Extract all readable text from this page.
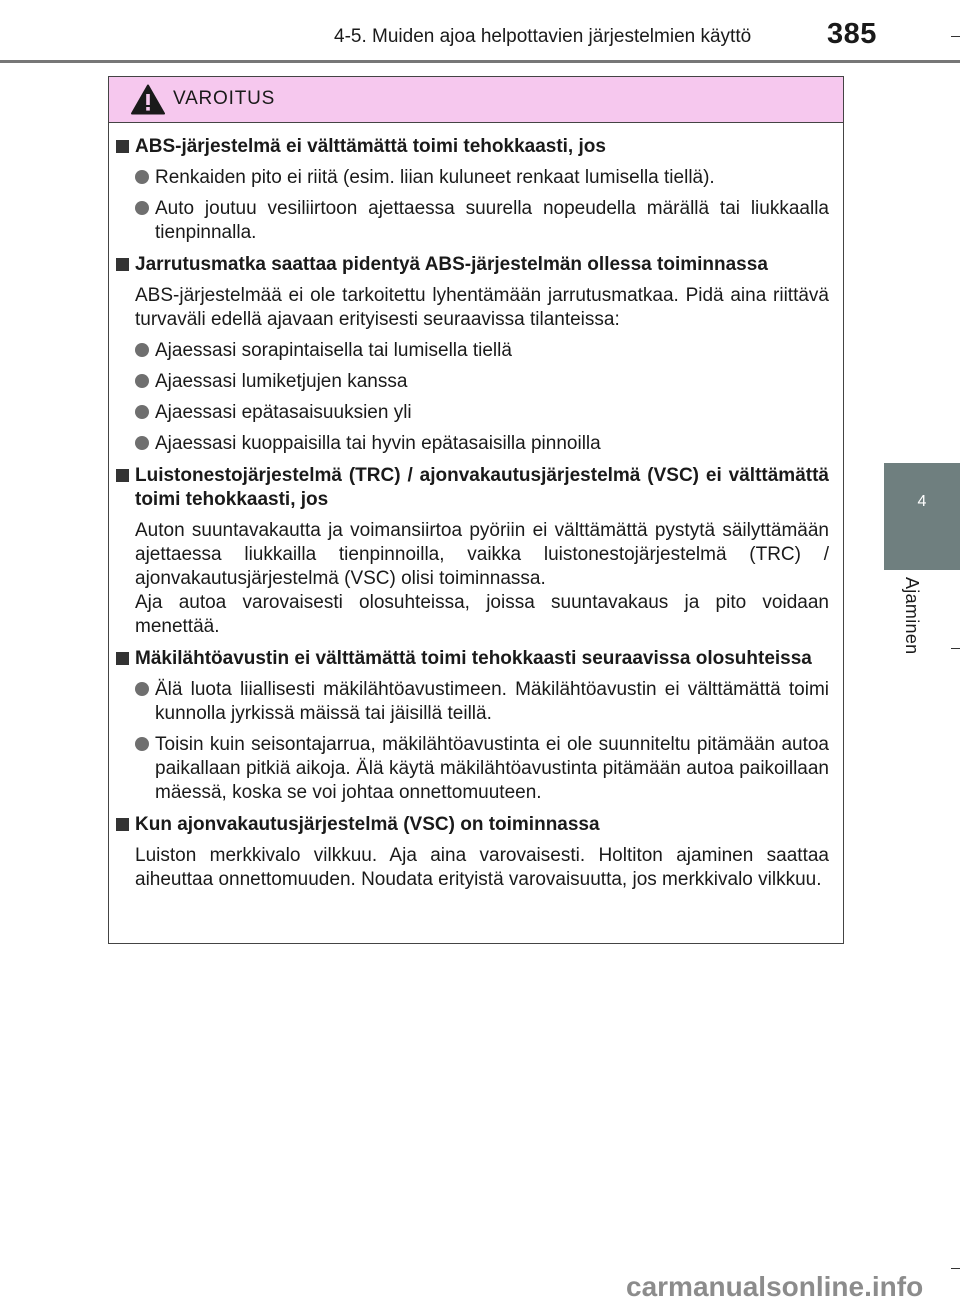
4-5. Muiden ajoa helpottavien järjestelmien käyttö	385
4
Ajaminen
VAROITUS
ABS-järjestelmä ei välttämättä toimi tehokkaasti, jos
Renkaiden pito ei riitä (esim. liian kuluneet renkaat lumisella tiellä).
Auto joutuu vesiliirtoon ajettaessa suurella nopeudella märällä tai liukkaalla tienpinnalla.
Jarrutusmatka saattaa pidentyä ABS-järjestelmän ollessa toiminnassa
ABS-järjestelmää ei ole tarkoitettu lyhentämään jarrutusmatkaa. Pidä aina riittävä turvaväli edellä ajavaan erityisesti seuraavissa tilanteissa:
Ajaessasi sorapintaisella tai lumisella tiellä
Ajaessasi lumiketjujen kanssa
Ajaessasi epätasaisuuksien yli
Ajaessasi kuoppaisilla tai hyvin epätasaisilla pinnoilla
Luistonestojärjestelmä (TRC) / ajonvakautusjärjestelmä (VSC) ei välttämättä toimi tehokkaasti, jos
Auton suuntavakautta ja voimansiirtoa pyöriin ei välttämättä pystytä säilyttämään ajettaessa liukkailla tienpinnoilla, vaikka luistonestojärjestelmä (TRC) / ajonvakautusjärjestelmä (VSC) olisi toiminnassa.
Aja autoa varovaisesti olosuhteissa, joissa suuntavakaus ja pito voidaan menettää.
Mäkilähtöavustin ei välttämättä toimi tehokkaasti seuraavissa olosuhteissa
Älä luota liiallisesti mäkilähtöavustimeen. Mäkilähtöavustin ei välttämättä toimi kunnolla jyrkissä mäissä tai jäisillä teillä.
Toisin kuin seisontajarrua, mäkilähtöavustinta ei ole suunniteltu pitämään autoa paikallaan pitkiä aikoja. Älä käytä mäkilähtöavustinta pitämään autoa paikoillaan mäessä, koska se voi johtaa onnettomuuteen.
Kun ajonvakautusjärjestelmä (VSC) on toiminnassa
Luiston merkkivalo vilkkuu. Aja aina varovaisesti. Holtiton ajaminen saattaa aiheuttaa onnettomuuden. Noudata erityistä varovaisuutta, jos merkkivalo vilkkuu.
carmanualsonline.info
